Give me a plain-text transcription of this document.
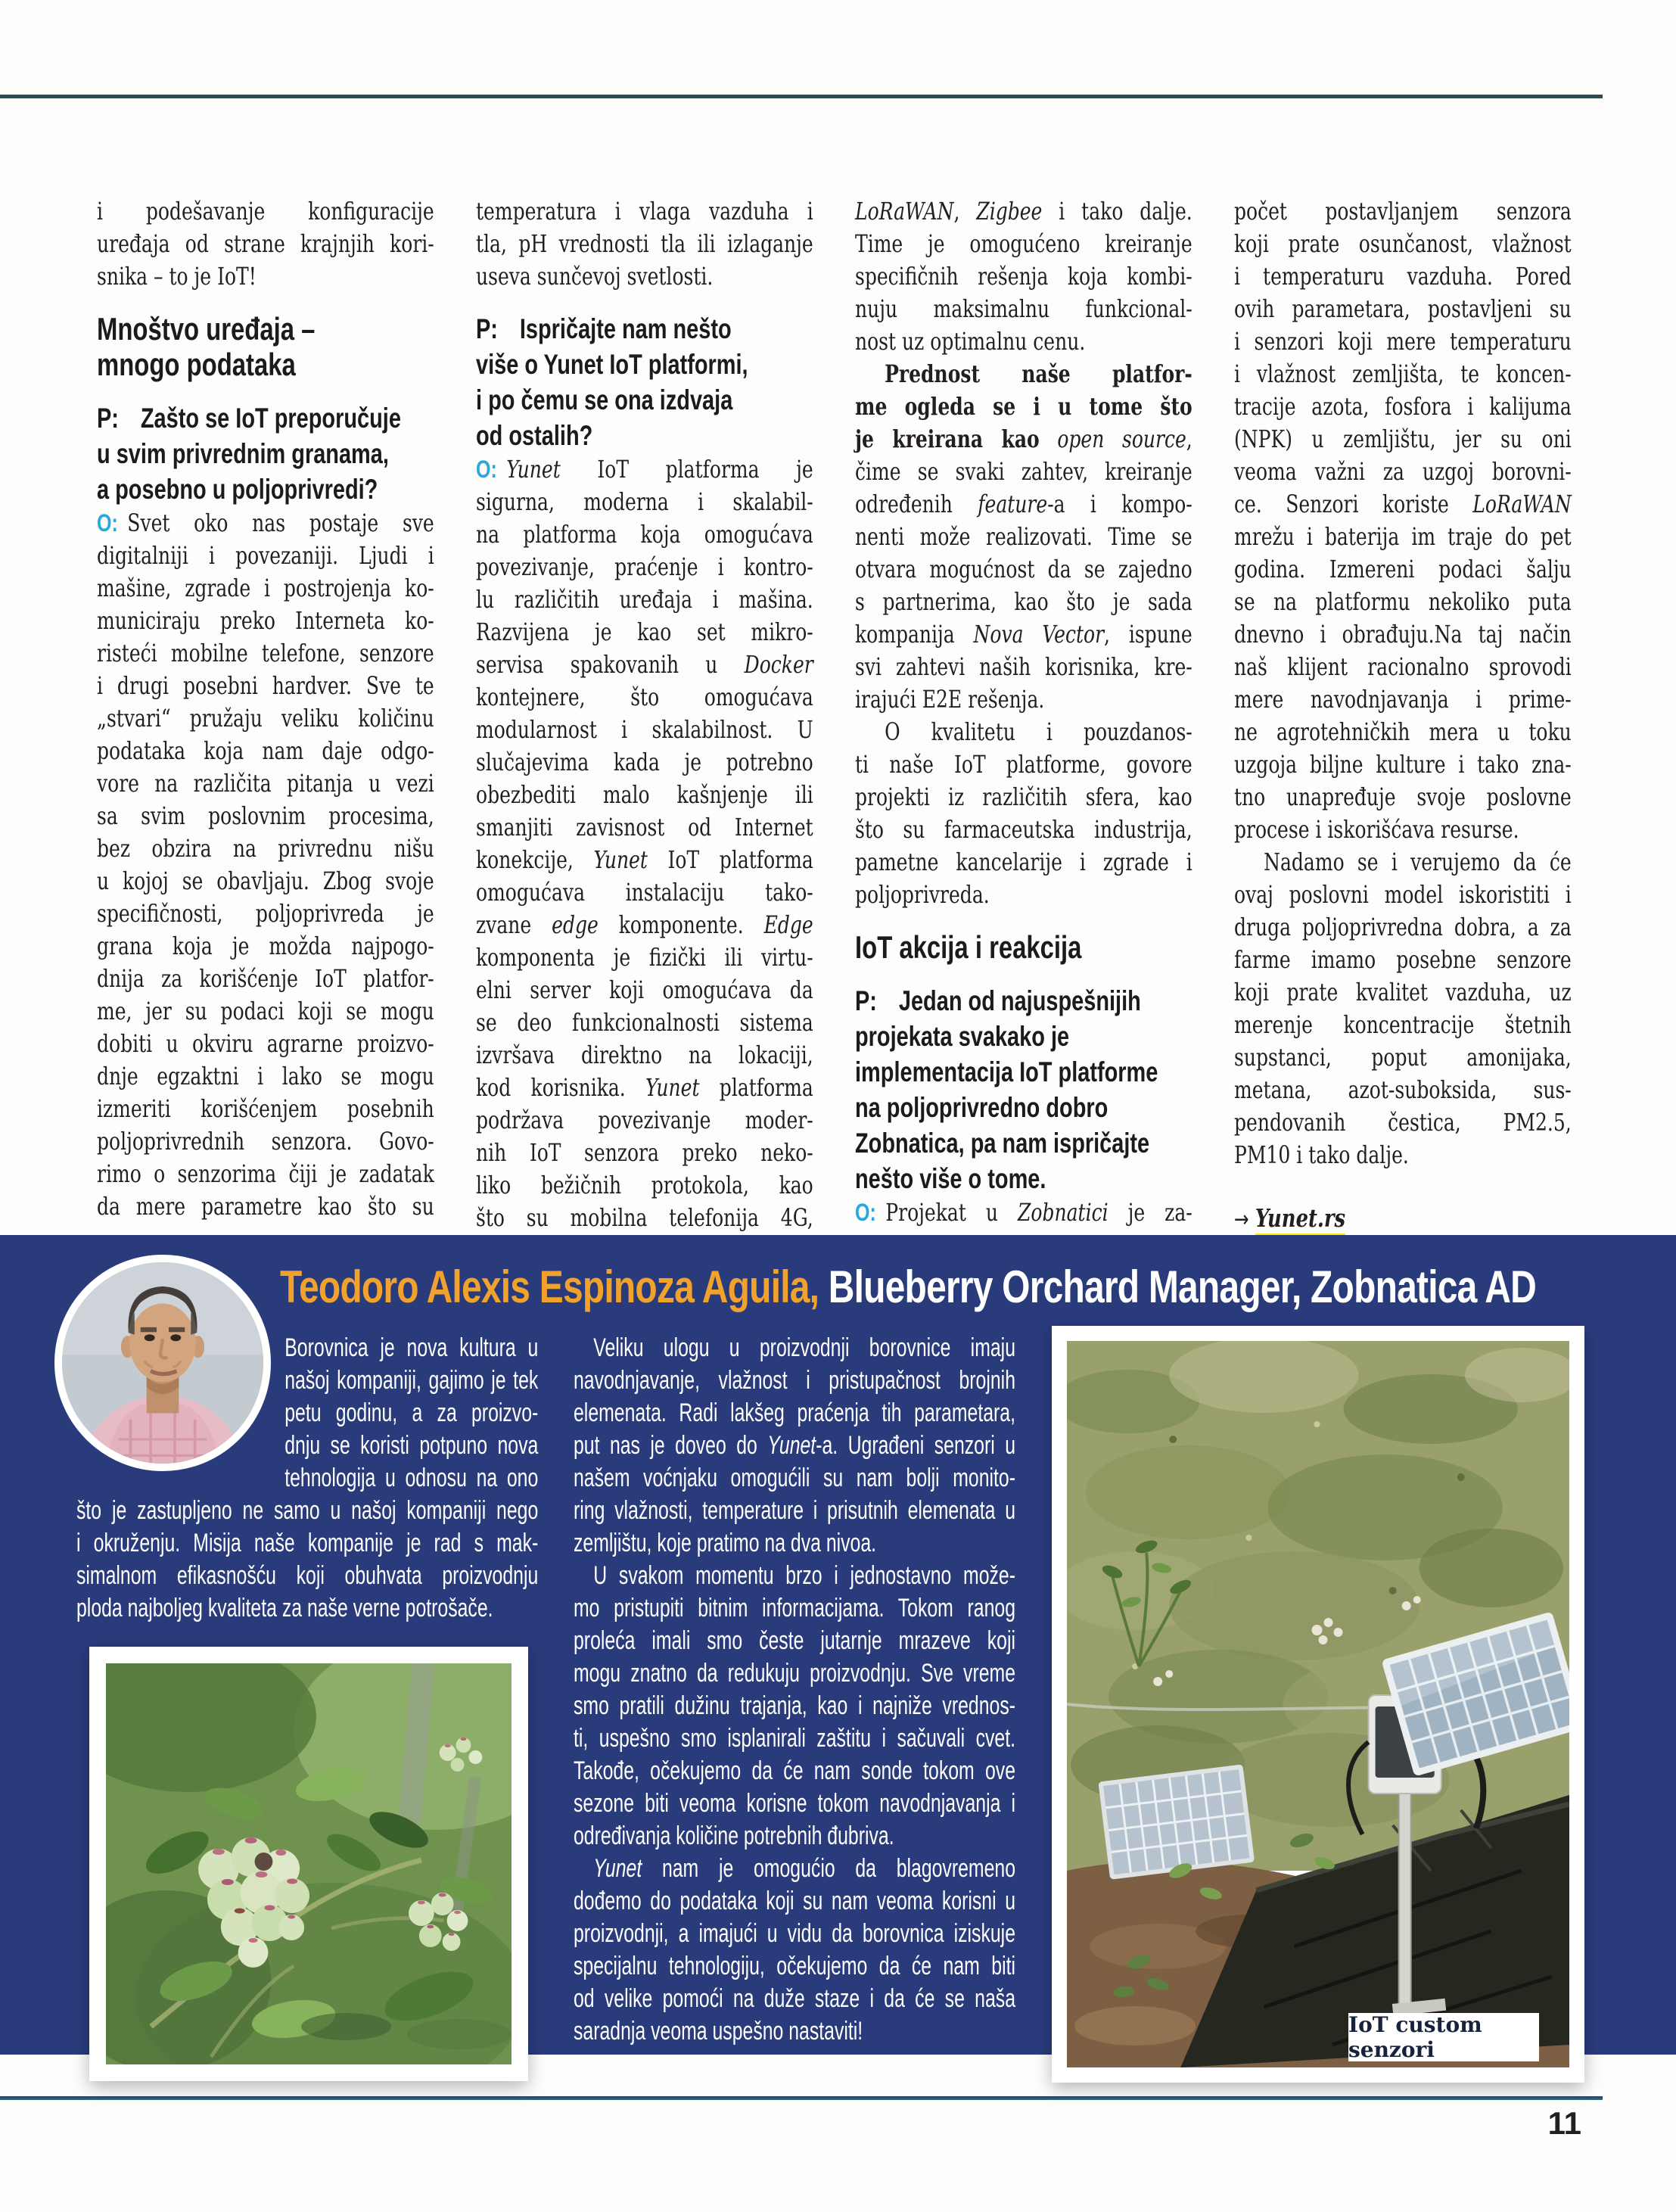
i podešavanje konfiguracije
uređaja od strane krajnjih kori-
snika – to je IoT!
Mnoštvo uređaja –
mnogo podataka
P: Zašto se IoT preporučuje
u svim privrednim granama,
a posebno u poljoprivredi?
O: Svet oko nas postaje sve
digitalniji i povezaniji. Ljudi i
mašine, zgrade i postrojenja ko-
municiraju preko Interneta ko-
risteći mobilne telefone, senzore
i drugi posebni hardver. Sve te
„stvari“ pružaju veliku količinu
podataka koja nam daje odgo-
vore na različita pitanja u vezi
sa svim poslovnim procesima,
bez obzira na privrednu nišu
u kojoj se obavljaju. Zbog svoje
specifičnosti, poljoprivreda je
grana koja je možda najpogo-
dnija za korišćenje IoT platfor-
me, jer su podaci koji se mogu
dobiti u okviru agrarne proizvo-
dnje egzaktni i lako se mogu
izmeriti korišćenjem posebnih
poljoprivrednih senzora. Govo-
rimo o senzorima čiji je zadatak
da mere parametre kao što su
temperatura i vlaga vazduha i
tla, pH vrednosti tla ili izlaganje
useva sunčevoj svetlosti.
P: Ispričajte nam nešto
više o Yunet IoT platformi,
i po čemu se ona izdvaja
od ostalih?
O: Yunet IoT platforma je
sigurna, moderna i skalabil-
na platforma koja omogućava
povezivanje, praćenje i kontro-
lu različitih uređaja i mašina.
Razvijena je kao set mikro-
servisa spakovanih u Docker
kontejnere, što omogućava
modularnost i skalabilnost. U
slučajevima kada je potrebno
obezbediti malo kašnjenje ili
smanjiti zavisnost od Internet
konekcije, Yunet IoT platforma
omogućava instalaciju tako-
zvane edge komponente. Edge
komponenta je fizički ili virtu-
elni server koji omogućava da
se deo funkcionalnosti sistema
izvršava direktno na lokaciji,
kod korisnika. Yunet platforma
podržava povezivanje moder-
nih IoT senzora preko neko-
liko bežičnih protokola, kao
što su mobilna telefonija 4G,
LoRaWAN, Zigbee i tako dalje.
Time je omogućeno kreiranje
specifičnih rešenja koja kombi-
nuju maksimalnu funkcional-
nost uz optimalnu cenu.
Prednost naše platfor-
me ogleda se i u tome što
je kreirana kao open source,
čime se svaki zahtev, kreiranje
određenih feature-a i kompo-
nenti može realizovati. Time se
otvara mogućnost da se zajedno
s partnerima, kao što je sada
kompanija Nova Vector, ispune
svi zahtevi naših korisnika, kre-
irajući E2E rešenja.
O kvalitetu i pouzdanos-
ti naše IoT platforme, govore
projekti iz različitih sfera, kao
što su farmaceutska industrija,
pametne kancelarije i zgrade i
poljoprivreda.
IoT akcija i reakcija
P: Jedan od najuspešnijih
projekata svakako je
implementacija IoT platforme
na poljoprivredno dobro
Zobnatica, pa nam ispričajte
nešto više o tome.
O: Projekat u Zobnatici je za-
počet postavljanjem senzora
koji prate osunčanost, vlažnost
i temperaturu vazduha. Pored
ovih parametara, postavljeni su
i senzori koji mere temperaturu
i vlažnost zemljišta, te koncen-
tracije azota, fosfora i kalijuma
(NPK) u zemljištu, jer su oni
veoma važni za uzgoj borovni-
ce. Senzori koriste LoRaWAN
mrežu i baterija im traje do pet
godina. Izmereni podaci šalju
se na platformu nekoliko puta
dnevno i obrađuju.Na taj način
naš klijent racionalno sprovodi
mere navodnjavanja i prime-
ne agrotehničkih mera u toku
uzgoja biljne kulture i tako zna-
tno unapređuje svoje poslovne
procese i iskorišćava resurse.
Nadamo se i verujemo da će
ovaj poslovni model iskoristiti i
druga poljoprivredna dobra, a za
farme imamo posebne senzore
koji prate kvalitet vazduha, uz
merenje koncentracije štetnih
supstanci, poput amonijaka,
metana, azot-suboksida, sus-
pendovanih čestica, PM2.5,
PM10 i tako dalje.
→ Yunet.rs
Teodoro Alexis Espinoza Aguila, Blueberry Orchard Manager, Zobnatica AD
Borovnica je nova kultura u
našoj kompaniji, gajimo je tek
petu godinu, a za proizvo-
dnju se koristi potpuno nova
tehnologija u odnosu na ono
što je zastupljeno ne samo u našoj kompaniji nego
i okruženju. Misija naše kompanije je rad s mak-
simalnom efikasnošću koji obuhvata proizvodnju
ploda najboljeg kvaliteta za naše verne potrošače.
Veliku ulogu u proizvodnji borovnice imaju
navodnjavanje, vlažnost i pristupačnost brojnih
elemenata. Radi lakšeg praćenja tih parametara,
put nas je doveo do Yunet-a. Ugrađeni senzori u
našem voćnjaku omogućili su nam bolji monito-
ring vlažnosti, temperature i prisutnih elemenata u
zemljištu, koje pratimo na dva nivoa.
U svakom momentu brzo i jednostavno može-
mo pristupiti bitnim informacijama. Tokom ranog
proleća imali smo česte jutarnje mrazeve koji
mogu znatno da redukuju proizvodnju. Sve vreme
smo pratili dužinu trajanja, kao i najniže vrednos-
ti, uspešno smo isplanirali zaštitu i sačuvali cvet.
Takođe, očekujemo da će nam sonde tokom ove
sezone biti veoma korisne tokom navodnjavanja i
određivanja količine potrebnih đubriva.
Yunet nam je omogućio da blagovremeno
dođemo do podataka koji su nam veoma korisni u
proizvodnji, a imajući u vidu da borovnica iziskuje
specijalnu tehnologiju, očekujemo da će nam biti
od velike pomoći na duže staze i da će se naša
saradnja veoma uspešno nastaviti!	IoT custom senzori
11
